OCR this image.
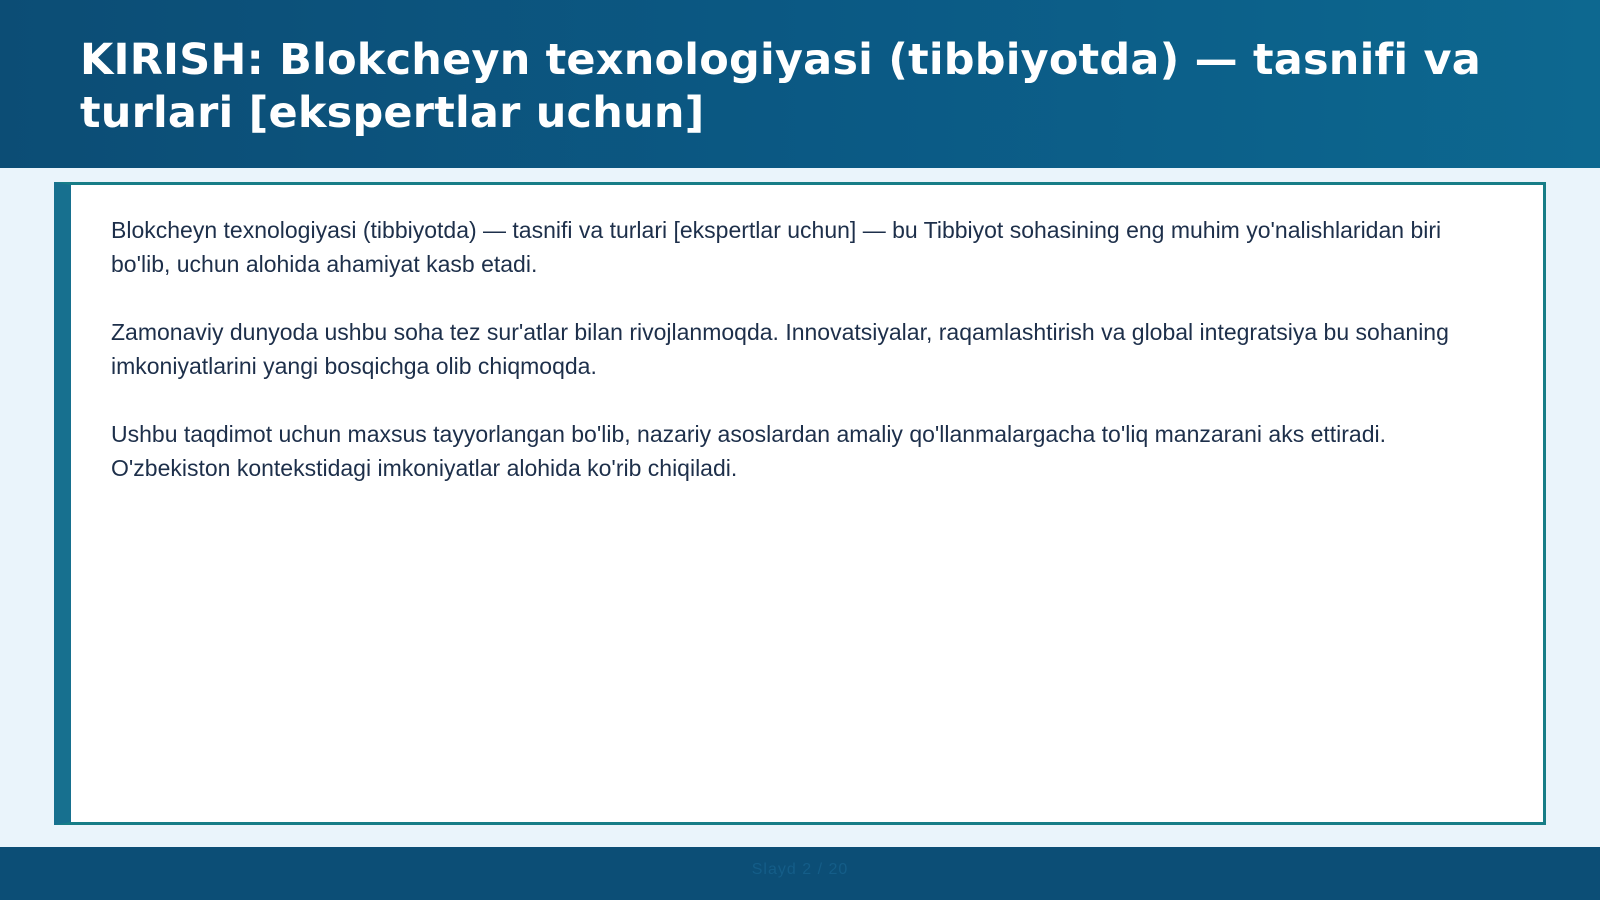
KIRISH: Blokcheyn texnologiyasi (tibbiyotda) — tasnifi va turlari [ekspertlar uchun]

Blokcheyn texnologiyasi (tibbiyotda) — tasnifi va turlari [ekspertlar uchun] — bu Tibbiyot sohasining eng muhim yo'nalishlaridan biri bo'lib, uchun alohida ahamiyat kasb etadi.

Zamonaviy dunyoda ushbu soha tez sur'atlar bilan rivojlanmoqda. Innovatsiyalar, raqamlashtirish va global integratsiya bu sohaning imkoniyatlarini yangi bosqichga olib chiqmoqda.

Ushbu taqdimot uchun maxsus tayyorlangan bo'lib, nazariy asoslardan amaliy qo'llanmalargacha to'liq manzarani aks ettiradi. O'zbekiston kontekstidagi imkoniyatlar alohida ko'rib chiqiladi.

Slayd 2 / 20
